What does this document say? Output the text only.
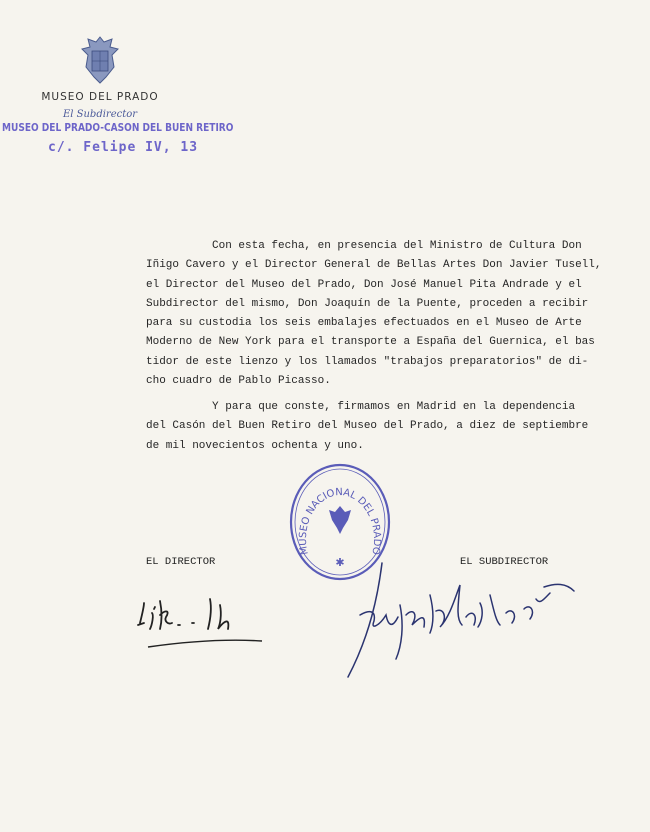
MUSEO DEL PRADO
El Subdirector
MUSEO DEL PRADO-CASON DEL BUEN RETIRO
c/. Felipe IV, 13
Con esta fecha, en presencia del Ministro de Cultura Don
Iñigo Cavero y el Director General de Bellas Artes Don Javier Tusell,
el Director del Museo del Prado, Don José Manuel Pita Andrade y el
Subdirector del mismo, Don Joaquín de la Puente, proceden a recibir
para su custodia los seis embalajes efectuados en el Museo de Arte
Moderno de New York para el transporte a España del Guernica, el bas
tidor de este lienzo y los llamados "trabajos preparatorios" de di-
cho cuadro de Pablo Picasso.
Y para que conste, firmamos en Madrid en la dependencia
del Casón del Buen Retiro del Museo del Prado, a diez de septiembre
de mil novecientos ochenta y uno.
MUSEO NACIONAL DEL PRADO
✱
EL DIRECTOR	EL SUBDIRECTOR
